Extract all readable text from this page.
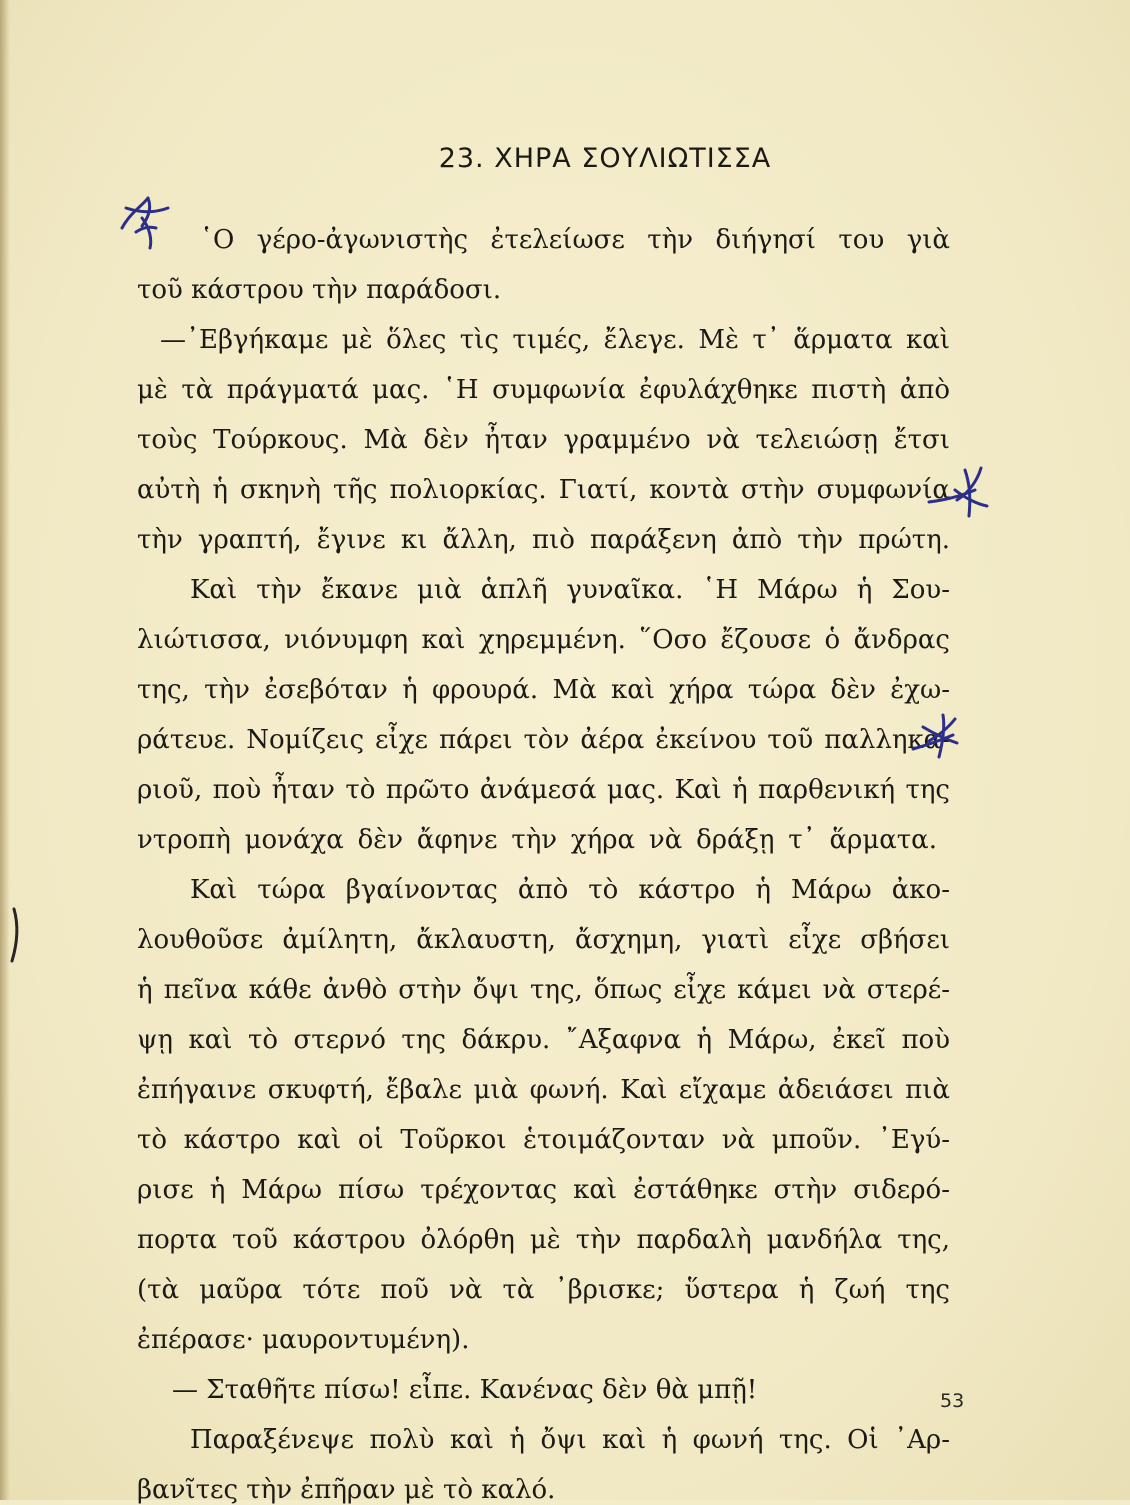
23. ΧΗΡΑ ΣΟΥΛΙΩΤΙΣΣΑ
῾Ο γέρο-ἀγωνιστὴς ἐτελείωσε τὴν διήγησί του γιὰ
τοῦ κάστρου τὴν παράδοσι.
—᾿Εβγήκαμε μὲ ὅλες τὶς τιμές, ἔλεγε. Μὲ τ᾿ ἅρματα καὶ
μὲ τὰ πράγματά μας. ῾Η συμφωνία ἐφυλάχθηκε πιστὴ ἀπὸ
τοὺς Τούρκους. Μὰ δὲν ἦταν γραμμένο νὰ τελειώσῃ ἔτσι
αὐτὴ ἡ σκηνὴ τῆς πολιορκίας. Γιατί, κοντὰ στὴν συμφωνία
τὴν γραπτή, ἔγινε κι ἄλλη, πιὸ παράξενη ἀπὸ τὴν πρώτη.
Καὶ τὴν ἔκανε μιὰ ἁπλῆ γυναῖκα. ῾Η Μάρω ἡ Σου-
λιώτισσα, νιόνυμφη καὶ χηρεμμένη. ῞Οσο ἔζουσε ὁ ἄνδρας
της, τὴν ἐσεβόταν ἡ φρουρά. Μὰ καὶ χήρα τώρα δὲν ἐχω-
ράτευε. Νομίζεις εἶχε πάρει τὸν ἀέρα ἐκείνου τοῦ παλληκα-
ριοῦ, ποὺ ἦταν τὸ πρῶτο ἀνάμεσά μας. Καὶ ἡ παρθενική της
ντροπὴ μονάχα δὲν ἄφηνε τὴν χήρα νὰ δράξῃ τ᾿ ἅρματα.
Καὶ τώρα βγαίνοντας ἀπὸ τὸ κάστρο ἡ Μάρω ἀκο-
λουθοῦσε ἀμίλητη, ἄκλαυστη, ἄσχημη, γιατὶ εἶχε σβήσει
ἡ πεῖνα κάθε ἀνθὸ στὴν ὄψι της, ὅπως εἶχε κάμει νὰ στερέ-
ψῃ καὶ τὸ στερνό της δάκρυ. ῎Αξαφνα ἡ Μάρω, ἐκεῖ ποὺ
ἐπήγαινε σκυφτή, ἔβαλε μιὰ φωνή. Καὶ εἴχαμε ἀδειάσει πιὰ
τὸ κάστρο καὶ οἱ Τοῦρκοι ἑτοιμάζονταν νὰ μποῦν. ᾿Εγύ-
ρισε ἡ Μάρω πίσω τρέχοντας καὶ ἐστάθηκε στὴν σιδερό-
πορτα τοῦ κάστρου ὀλόρθη μὲ τὴν παρδαλὴ μανδήλα της,
(τὰ μαῦρα τότε ποῦ νὰ τὰ ᾿βρισκε; ὕστερα ἡ ζωή της
ἐπέρασε· μαυροντυμένη).
— Σταθῆτε πίσω! εἶπε. Κανένας δὲν θὰ μπῇ!
Παραξένεψε πολὺ καὶ ἡ ὄψι καὶ ἡ φωνή της. Οἱ ᾿Αρ-
βανῖτες τὴν ἐπῆραν μὲ τὸ καλό.
53
